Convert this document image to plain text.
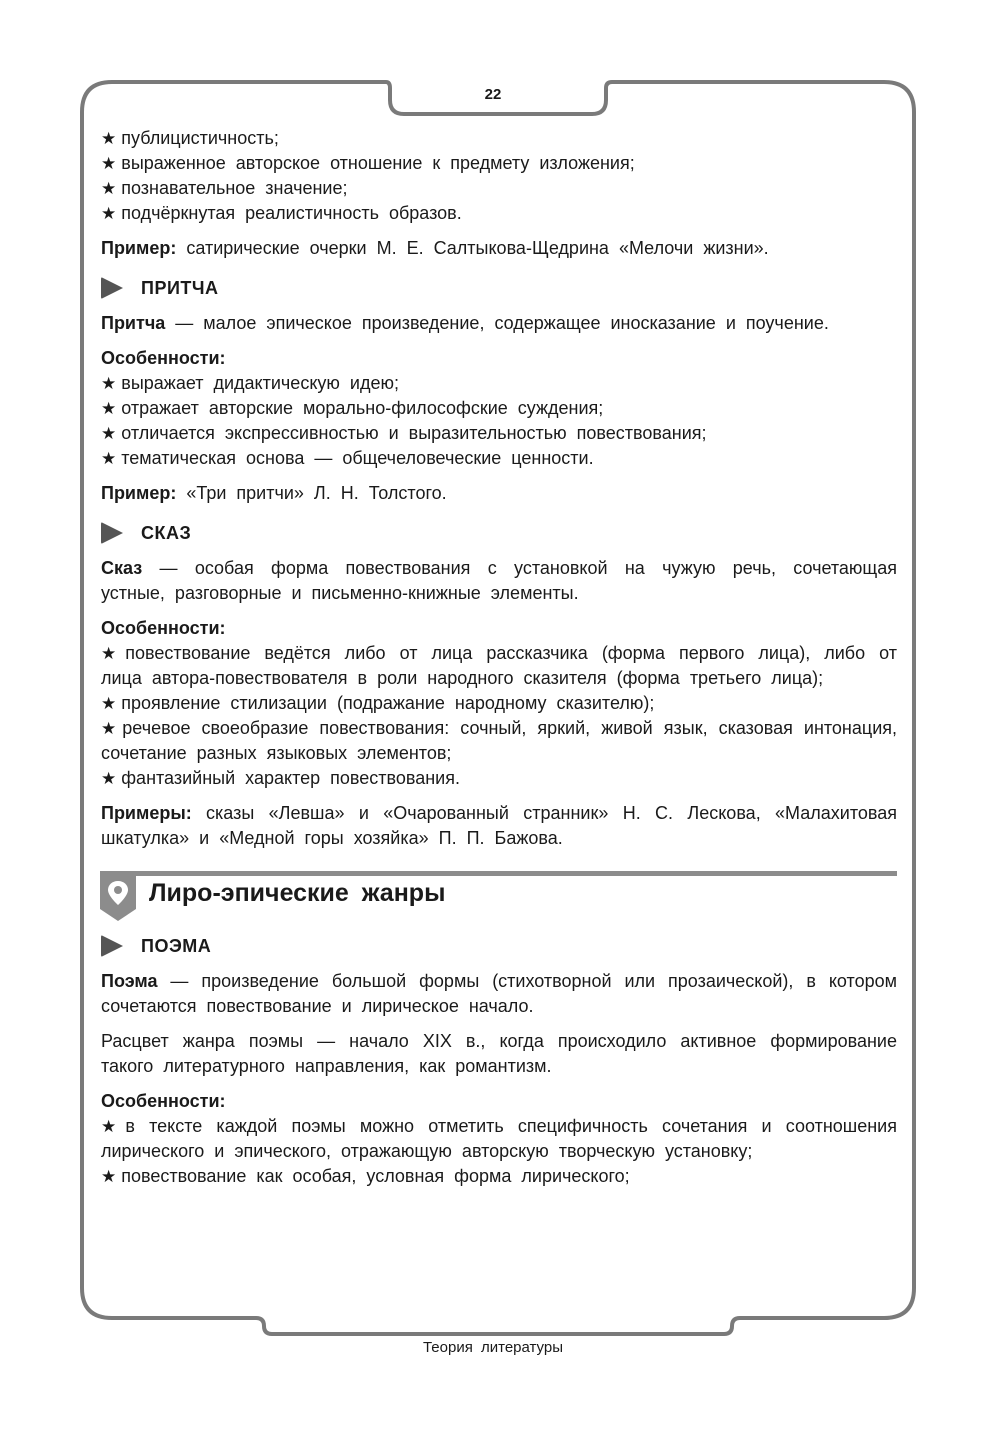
22
★ публицистичность;
★ выраженное авторское отношение к предмету изложения;
★ познавательное значение;
★ подчёркнутая реалистичность образов.

Пример: сатирические очерки М. Е. Салтыкова-Щедрина «Мелочи жизни».

ПРИТЧА

Притча — малое эпическое произведение, содержащее иносказание и поучение.

Особенности:

★ выражает дидактическую идею;
★ отражает авторские морально-философские суждения;
★ отличается экспрессивностью и выразительностью повествования;
★ тематическая основа — общечеловеческие ценности.

Пример: «Три притчи» Л. Н. Толстого.

СКАЗ

Сказ — особая форма повествования с установкой на чужую речь, сочетающая устные, разговорные и письменно-книжные элементы.

Особенности:

★ повествование ведётся либо от лица рассказчика (форма первого лица), либо от лица автора-повествователя в роли народного сказителя (форма третьего лица);
★ проявление стилизации (подражание народному сказителю);
★ речевое своеобразие повествования: сочный, яркий, живой язык, сказовая интонация, сочетание разных языковых элементов;
★ фантазийный характер повествования.

Примеры: сказы «Левша» и «Очарованный странник» Н. С. Лескова, «Малахитовая шкатулка» и «Медной горы хозяйка» П. П. Бажова.

Лиро-эпические жанры
ПОЭМА

Поэма — произведение большой формы (стихотворной или прозаической), в котором сочетаются повествование и лирическое начало.

Расцвет жанра поэмы — начало XIX в., когда происходило активное формирование такого литературного направления, как романтизм.

Особенности:

★ в тексте каждой поэмы можно отметить специфичность сочетания и соотношения лирического и эпического, отражающую авторскую творческую установку;
★ повествование как особая, условная форма лирического;
Теория литературы
